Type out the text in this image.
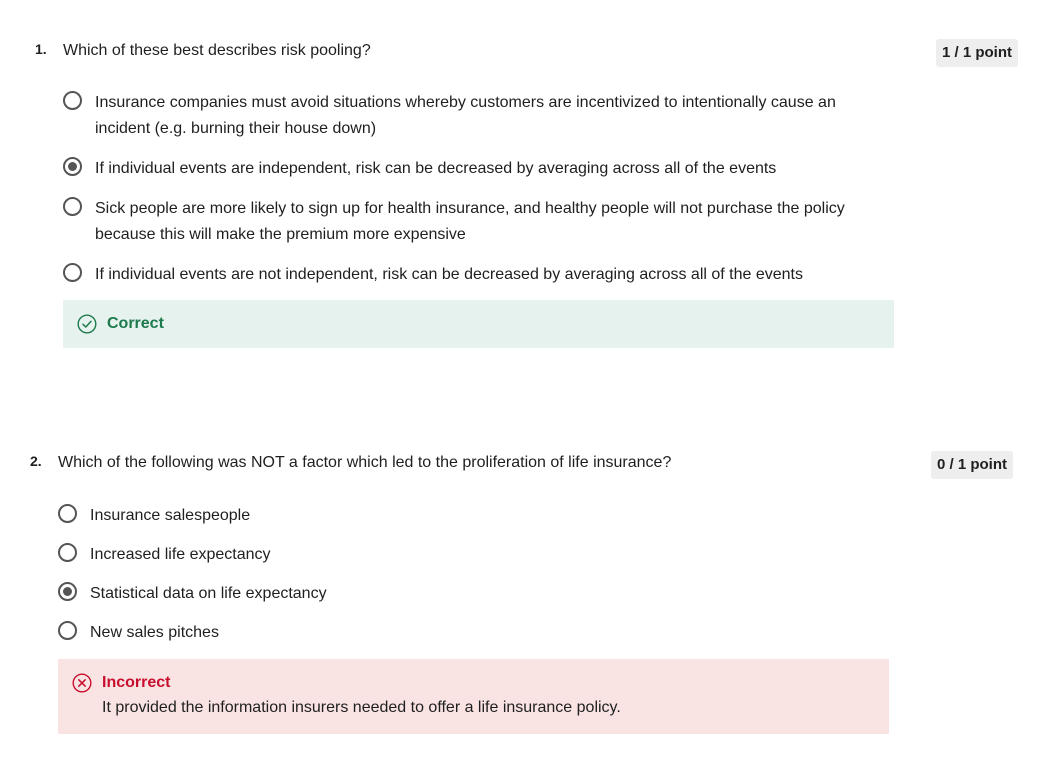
1. Which of these best describes risk pooling?	1 / 1 point
Insurance companies must avoid situations whereby customers are incentivized to intentionally cause an incident (e.g. burning their house down)
If individual events are independent, risk can be decreased by averaging across all of the events
Sick people are more likely to sign up for health insurance, and healthy people will not purchase the policy because this will make the premium more expensive
If individual events are not independent, risk can be decreased by averaging across all of the events
Correct
2. Which of the following was NOT a factor which led to the proliferation of life insurance?	0 / 1 point
Insurance salespeople
Increased life expectancy
Statistical data on life expectancy
New sales pitches
Incorrect
It provided the information insurers needed to offer a life insurance policy.
